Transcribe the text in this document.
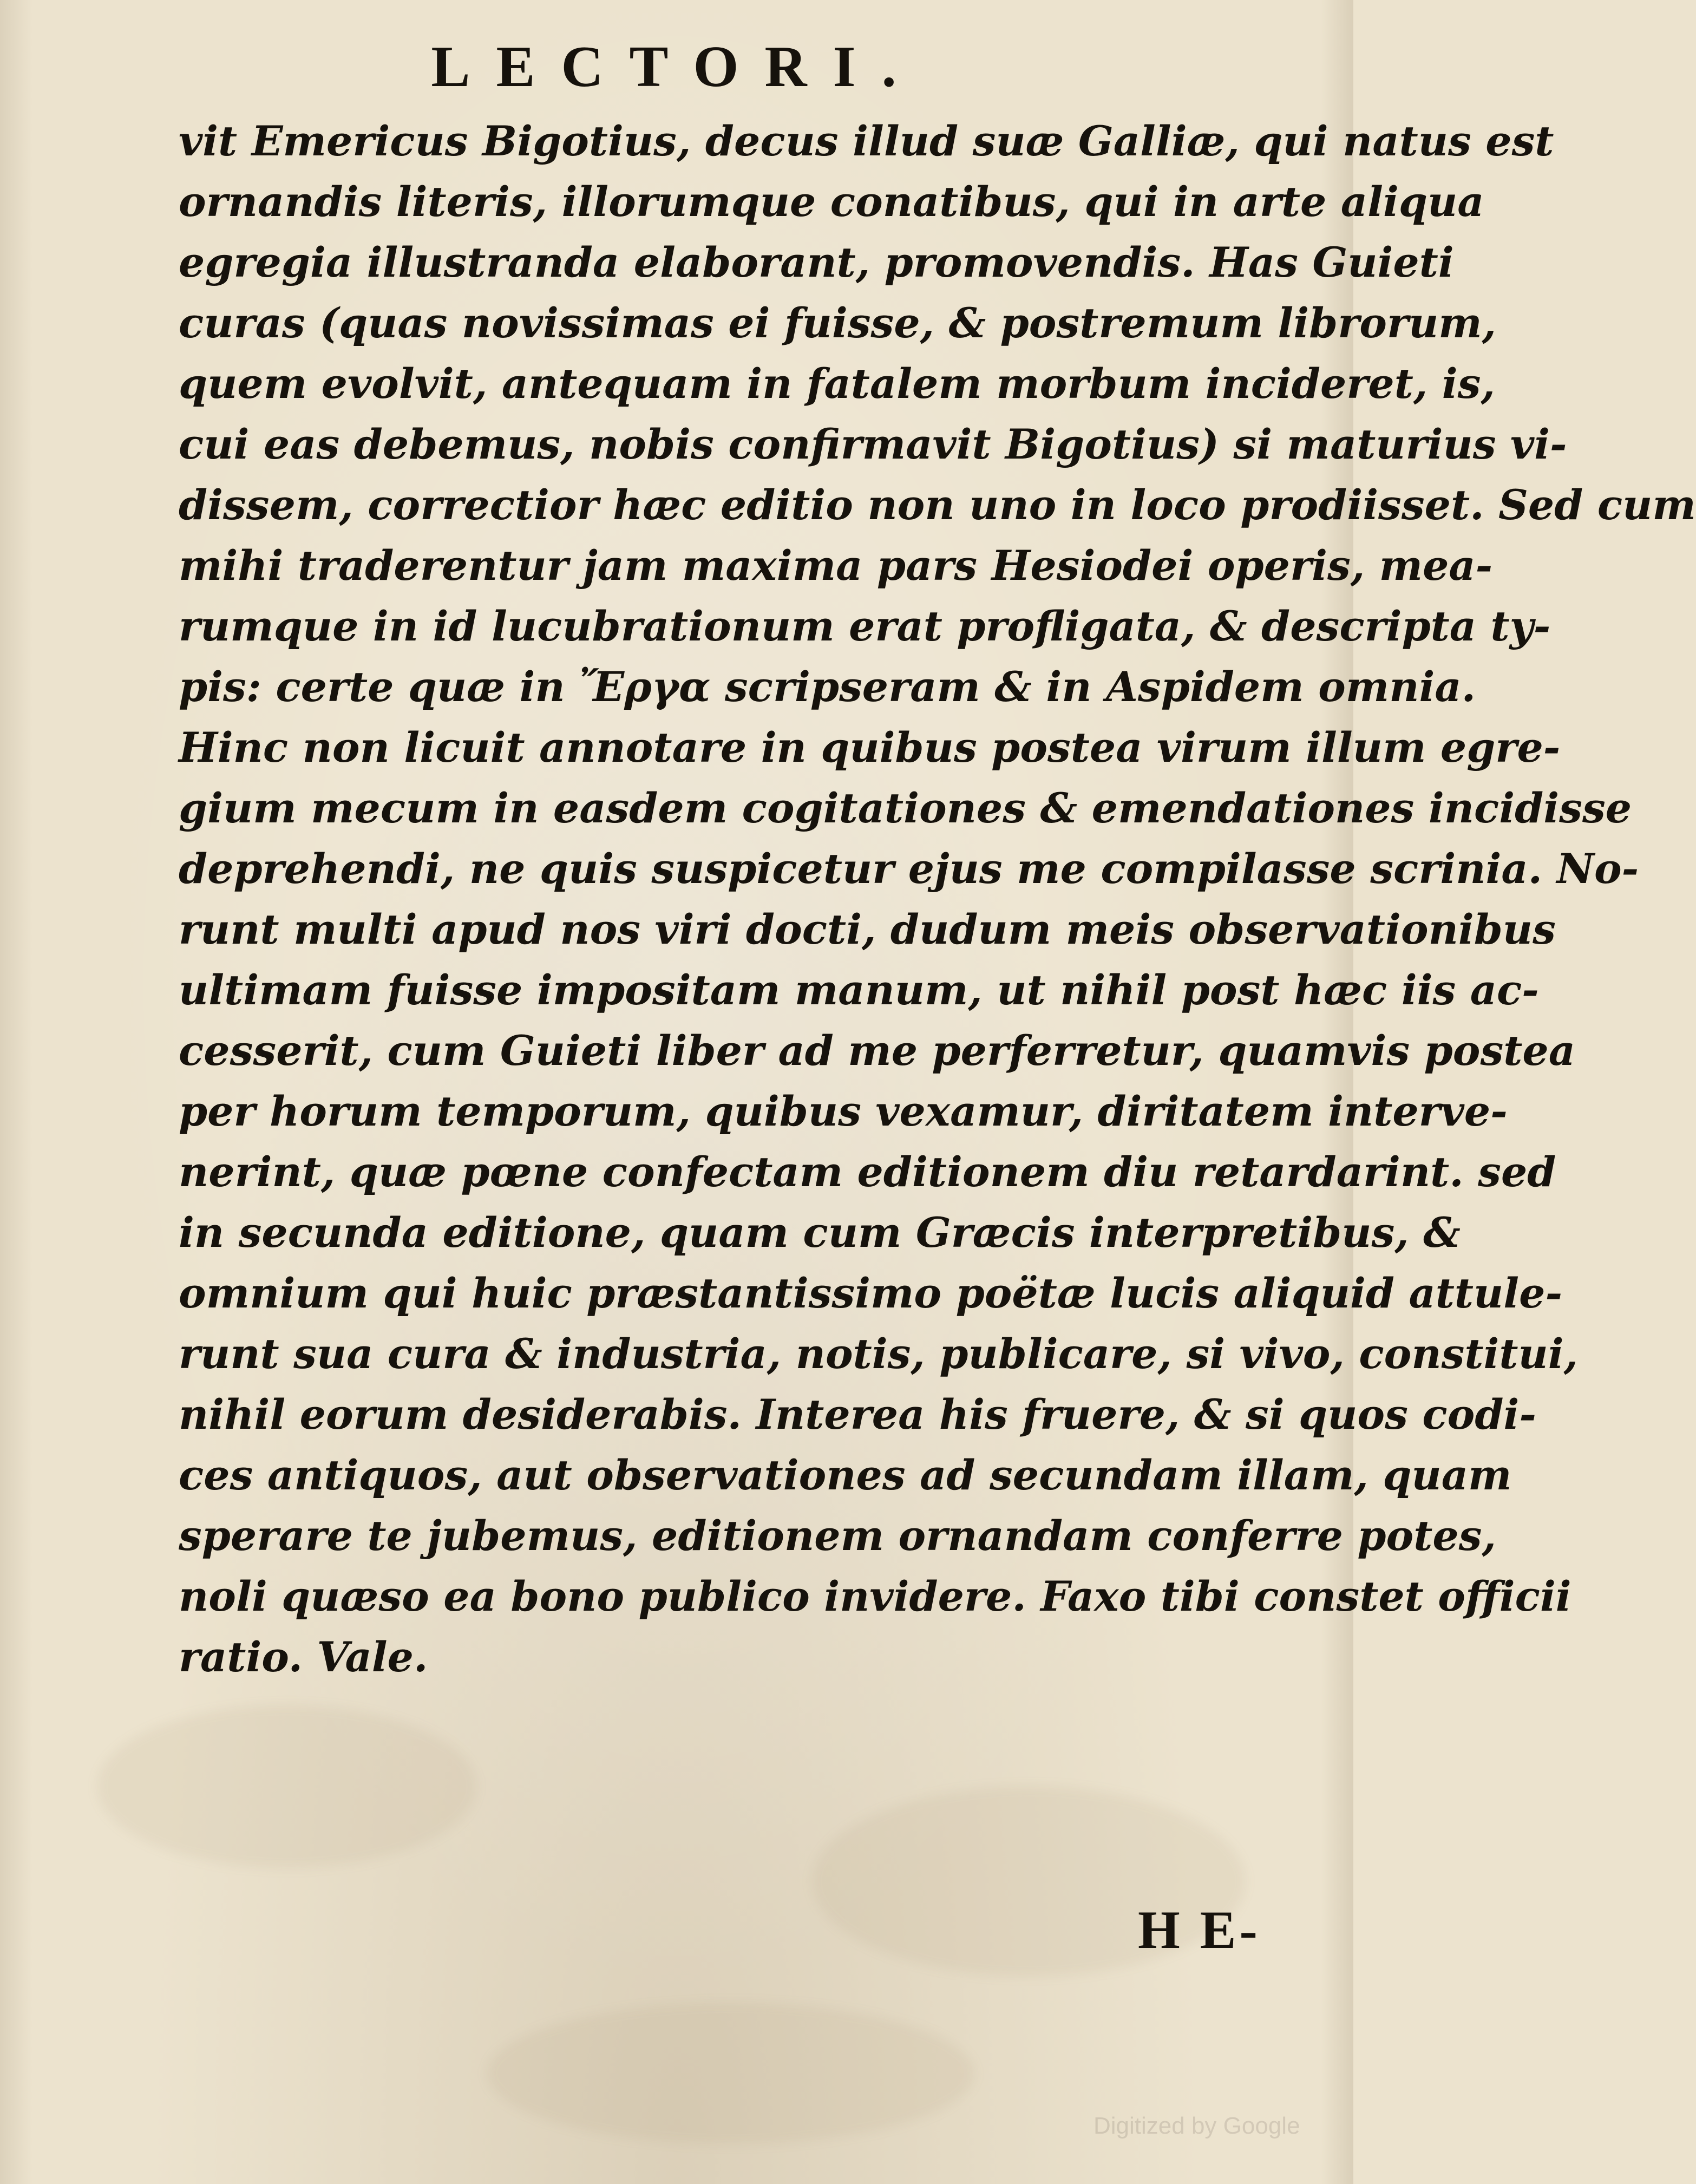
LECTORI.
vit Emericus Bigotius, decus illud suæ Galliæ, qui natus est
ornandis literis, illorumque conatibus, qui in arte aliqua
egregia illustranda elaborant, promovendis. Has Guieti
curas (quas novissimas ei fuisse, & postremum librorum,
quem evolvit, antequam in fatalem morbum incideret, is,
cui eas debemus, nobis confirmavit Bigotius) si maturius vi-
dissem, correctior hæc editio non uno in loco prodiisset. Sed cum
mihi traderentur jam maxima pars Hesiodei operis, mea-
rumque in id lucubrationum erat profligata, & descripta ty-
pis: certe quæ in Ἔργα scripseram & in Aspidem omnia.
Hinc non licuit annotare in quibus postea virum illum egre-
gium mecum in easdem cogitationes & emendationes incidisse
deprehendi, ne quis suspicetur ejus me compilasse scrinia. No-
runt multi apud nos viri docti, dudum meis observationibus
ultimam fuisse impositam manum, ut nihil post hæc iis ac-
cesserit, cum Guieti liber ad me perferretur, quamvis postea
per horum temporum, quibus vexamur, diritatem interve-
nerint, quæ pœne confectam editionem diu retardarint. sed
in secunda editione, quam cum Græcis interpretibus, &
omnium qui huic præstantissimo poëtæ lucis aliquid attule-
runt sua cura & industria, notis, publicare, si vivo, constitui,
nihil eorum desiderabis. Interea his fruere, & si quos codi-
ces antiquos, aut observationes ad secundam illam, quam
sperare te jubemus, editionem ornandam conferre potes,
noli quæso ea bono publico invidere. Faxo tibi constet officii
ratio. Vale.
H E-
Digitized by Google
